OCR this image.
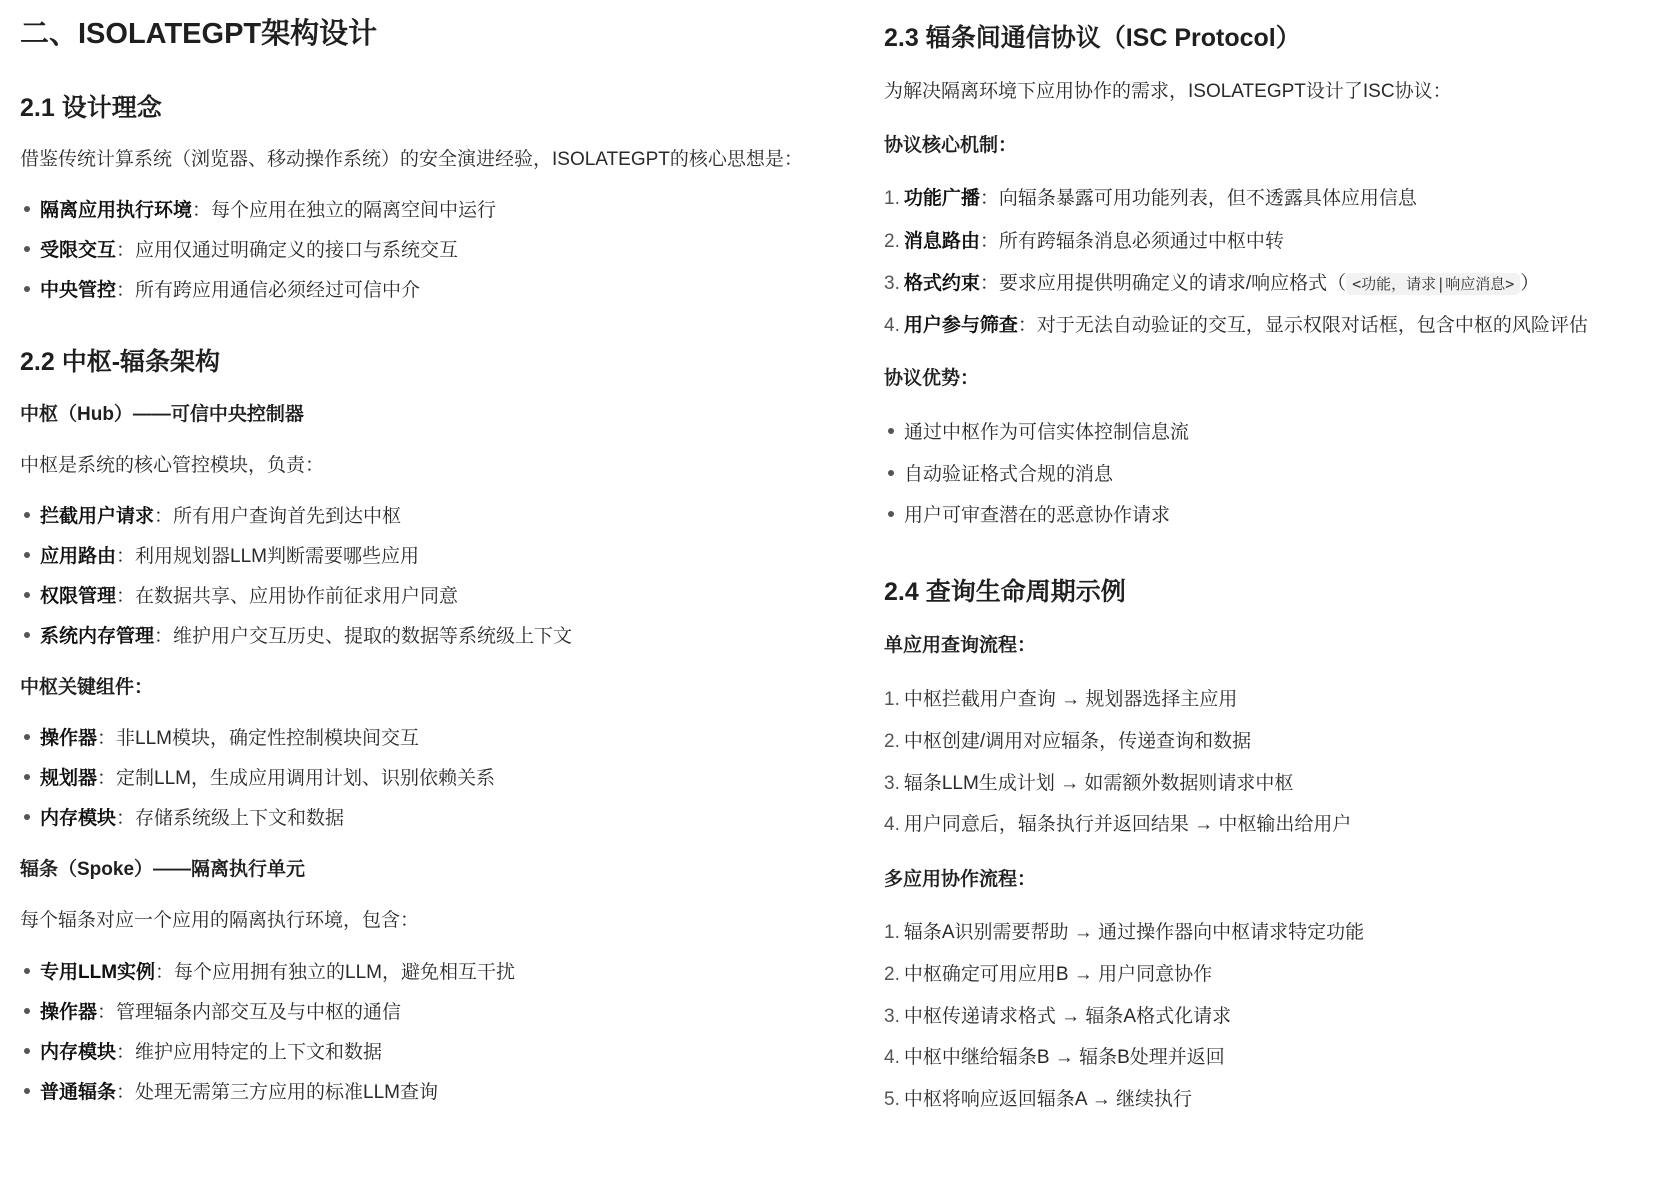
二、ISOLATEGPT架构设计
2.1 设计理念

借鉴传统计算系统（浏览器、移动操作系统）的安全演进经验，ISOLATEGPT的核心思想是：

隔离应用执行环境：每个应用在独立的隔离空间中运行
受限交互：应用仅通过明确定义的接口与系统交互
中央管控：所有跨应用通信必须经过可信中介
2.2 中枢-辐条架构
中枢（Hub）——可信中央控制器

中枢是系统的核心管控模块，负责：

拦截用户请求：所有用户查询首先到达中枢
应用路由：利用规划器LLM判断需要哪些应用
权限管理：在数据共享、应用协作前征求用户同意
系统内存管理：维护用户交互历史、提取的数据等系统级上下文
中枢关键组件：
操作器：非LLM模块，确定性控制模块间交互
规划器：定制LLM，生成应用调用计划、识别依赖关系
内存模块：存储系统级上下文和数据
辐条（Spoke）——隔离执行单元

每个辐条对应一个应用的隔离执行环境，包含：

专用LLM实例：每个应用拥有独立的LLM，避免相互干扰
操作器：管理辐条内部交互及与中枢的通信
内存模块：维护应用特定的上下文和数据
普通辐条：处理无需第三方应用的标准LLM查询
2.3 辐条间通信协议（ISC Protocol）

为解决隔离环境下应用协作的需求，ISOLATEGPT设计了ISC协议：

协议核心机制：
1. 功能广播：向辐条暴露可用功能列表，但不透露具体应用信息
2. 消息路由：所有跨辐条消息必须通过中枢中转
3. 格式约束：要求应用提供明确定义的请求/响应格式（ <功能，请求|响应消息> ）
4. 用户参与筛查：对于无法自动验证的交互，显示权限对话框，包含中枢的风险评估
协议优势：
通过中枢作为可信实体控制信息流
自动验证格式合规的消息
用户可审查潜在的恶意协作请求
2.4 查询生命周期示例
单应用查询流程：
1. 中枢拦截用户查询 → 规划器选择主应用
2. 中枢创建/调用对应辐条，传递查询和数据
3. 辐条LLM生成计划 → 如需额外数据则请求中枢
4. 用户同意后，辐条执行并返回结果 → 中枢输出给用户
多应用协作流程：
1. 辐条A识别需要帮助 → 通过操作器向中枢请求特定功能
2. 中枢确定可用应用B → 用户同意协作
3. 中枢传递请求格式 → 辐条A格式化请求
4. 中枢中继给辐条B → 辐条B处理并返回
5. 中枢将响应返回辐条A → 继续执行
